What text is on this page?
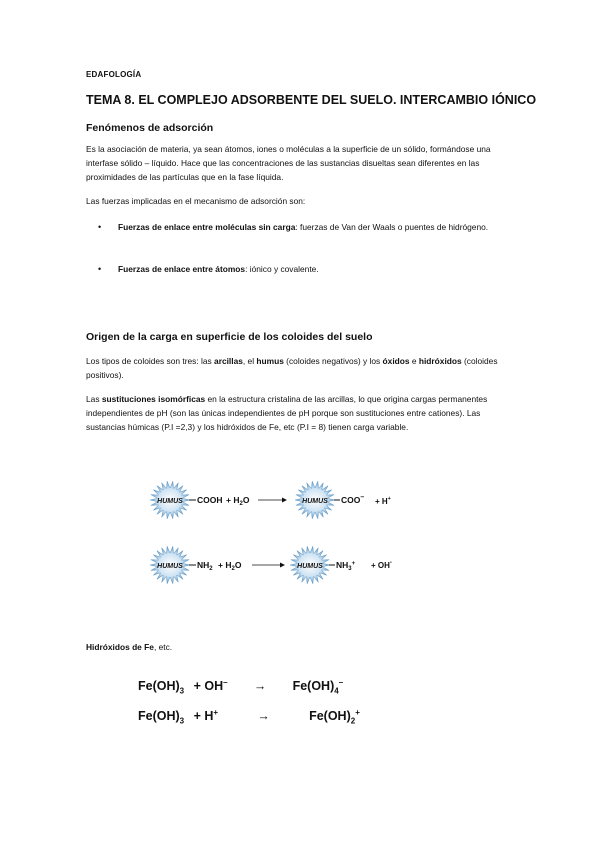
EDAFOLOGÍA
TEMA 8. EL COMPLEJO ADSORBENTE DEL SUELO. INTERCAMBIO IÓNICO
Fenómenos de adsorción

Es la asociación de materia, ya sean átomos, iones o moléculas a la superficie de un sólido, formándose una interfase sólido – líquido. Hace que las concentraciones de las sustancias disueltas sean diferentes en las proximidades de las partículas que en la fase líquida.

Las fuerzas implicadas en el mecanismo de adsorción son:

• Fuerzas de enlace entre moléculas sin carga: fuerzas de Van der Waals o puentes de hidrógeno.
• Fuerzas de enlace entre átomos: iónico y covalente.
Origen de la carga en superficie de los coloides del suelo

Los tipos de coloides son tres: las arcillas, el humus (coloides negativos) y los óxidos e hidróxidos (coloides positivos).

Las sustituciones isomórficas en la estructura cristalina de las arcillas, lo que origina cargas permanentes independientes de pH (son las únicas independientes de pH porque son sustituciones entre cationes). Las sustancias húmicas (P.I =2,3) y los hidróxidos de Fe, etc (P.I = 8) tienen carga variable.

HUMUS COOH + $H_2O$	HUMUS COO– + H+
HUMUS $NH_2 + H_2O$	HUMUS $NH_3^+ + OH^-$
Hidróxidos de Fe, etc.
$Fe(OH)_3 + OH^- \to Fe(OH)_4^-$
$Fe(OH)_3 + H^+$	→	$Fe(OH)_2^+$
